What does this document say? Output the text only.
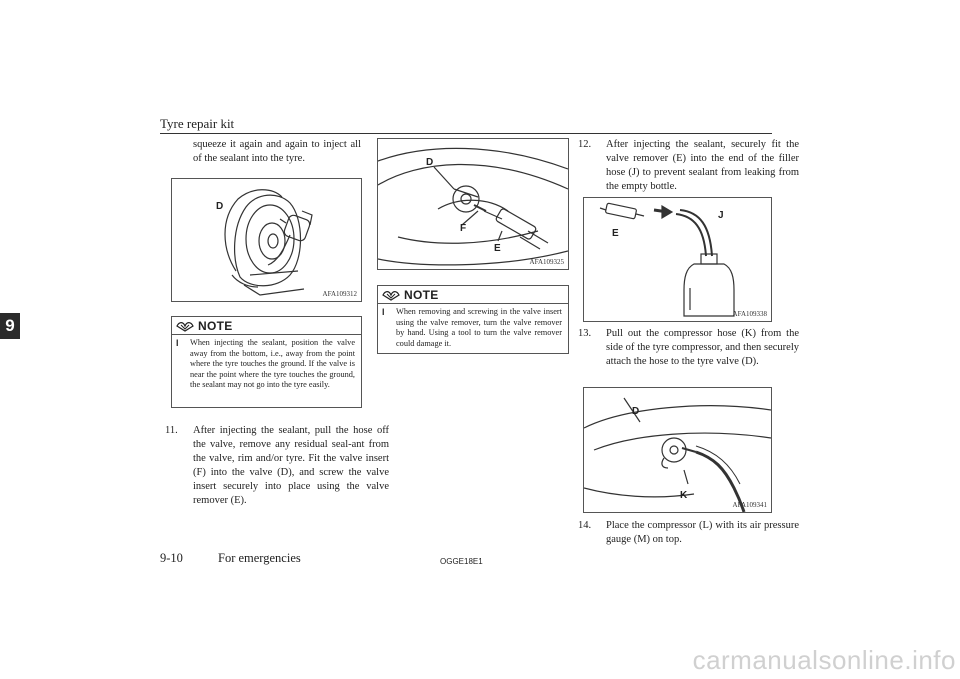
Tyre repair kit
9
squeeze it again and again to inject all of the sealant into the tyre.
D
AFA109312
NOTE
l	When injecting the sealant, position the valve away from the bottom, i.e., away from the point where the tyre touches the ground. If the valve is near the point where the tyre touches the ground, the sealant may not go into the tyre easily.
11. After injecting the sealant, pull the hose off the valve, remove any residual seal-ant from the valve, rim and/or tyre. Fit the valve insert (F) into the valve (D), and screw the valve insert securely into place using the valve remover (E).
D
F
E
AFA109325
NOTE
l	When removing and screwing in the valve insert using the valve remover, turn the valve remover by hand. Using a tool to turn the valve remover could damage it.
12. After injecting the sealant, securely fit the valve remover (E) into the end of the filler hose (J) to prevent sealant from leaking from the empty bottle.
E
J
AFA109338
13. Pull out the compressor hose (K) from the side of the tyre compressor, and then securely attach the hose to the tyre valve (D).
D
K
AFA109341
14. Place the compressor (L) with its air pressure gauge (M) on top.
9-10	For emergencies	OGGE18E1
carmanualsonline.info
